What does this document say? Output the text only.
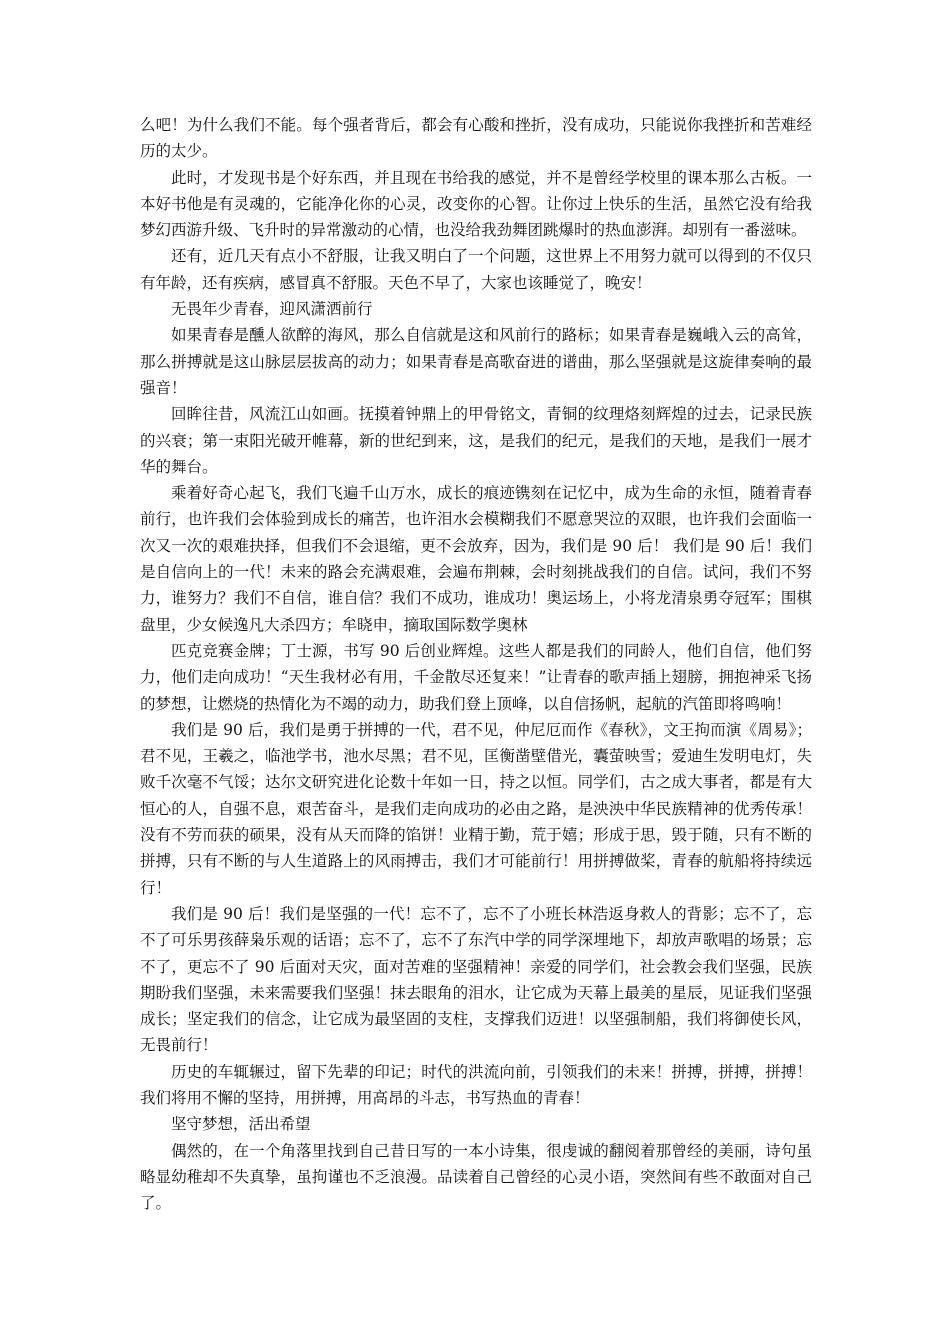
么吧！为什么我们不能。每个强者背后，都会有心酸和挫折，没有成功，只能说你我挫折和苦难经历的太少。

此时，才发现书是个好东西，并且现在书给我的感觉，并不是曾经学校里的课本那么古板。一本好书他是有灵魂的，它能净化你的心灵，改变你的心智。让你过上快乐的生活，虽然它没有给我梦幻西游升级、飞升时的异常激动的心情，也没给我劲舞团跳爆时的热血澎湃。却别有一番滋味。

还有，近几天有点小不舒服，让我又明白了一个问题，这世界上不用努力就可以得到的不仅只有年龄，还有疾病，感冒真不舒服。天色不早了，大家也该睡觉了，晚安！

无畏年少青春，迎风潇洒前行

如果青春是醺人欲醉的海风，那么自信就是这和风前行的路标；如果青春是巍峨入云的高耸，那么拼搏就是这山脉层层拔高的动力；如果青春是高歌奋进的谱曲，那么坚强就是这旋律奏响的最强音！

回眸往昔，风流江山如画。抚摸着钟鼎上的甲骨铭文，青铜的纹理烙刻辉煌的过去，记录民族的兴衰；第一束阳光破开帷幕，新的世纪到来，这，是我们的纪元，是我们的天地，是我们一展才华的舞台。

乘着好奇心起飞，我们飞遍千山万水，成长的痕迹镌刻在记忆中，成为生命的永恒，随着青春前行，也许我们会体验到成长的痛苦，也许泪水会模糊我们不愿意哭泣的双眼，也许我们会面临一次又一次的艰难抉择，但我们不会退缩，更不会放弃，因为，我们是 90 后！ 我们是 90 后！我们是自信向上的一代！未来的路会充满艰难，会遍布荆棘，会时刻挑战我们的自信。试问，我们不努力，谁努力？我们不自信，谁自信？我们不成功，谁成功！奥运场上，小将龙清泉勇夺冠军；围棋盘里，少女候逸凡大杀四方；牟晓申，摘取国际数学奥林

匹克竞赛金牌；丁士源，书写 90 后创业辉煌。这些人都是我们的同龄人，他们自信，他们努力，他们走向成功！“天生我材必有用，千金散尽还复来！”让青春的歌声插上翅膀，拥抱神采飞扬的梦想，让燃烧的热情化为不竭的动力，助我们登上顶峰，以自信扬帆，起航的汽笛即将鸣响！

我们是 90 后，我们是勇于拼搏的一代，君不见，仲尼厄而作《春秋》，文王拘而演《周易》；君不见，王羲之，临池学书，池水尽黑；君不见，匡衡凿壁借光，囊萤映雪；爱迪生发明电灯，失败千次毫不气馁；达尔文研究进化论数十年如一日，持之以恒。同学们，古之成大事者，都是有大恒心的人，自强不息，艰苦奋斗，是我们走向成功的必由之路，是泱泱中华民族精神的优秀传承！没有不劳而获的硕果，没有从天而降的馅饼！业精于勤，荒于嬉；形成于思，毁于随，只有不断的拼搏，只有不断的与人生道路上的风雨搏击，我们才可能前行！用拼搏做桨，青春的航船将持续远行！

我们是 90 后！我们是坚强的一代！忘不了，忘不了小班长林浩返身救人的背影；忘不了，忘不了可乐男孩薛枭乐观的话语；忘不了，忘不了东汽中学的同学深埋地下，却放声歌唱的场景；忘不了，更忘不了 90 后面对天灾，面对苦难的坚强精神！亲爱的同学们，社会教会我们坚强，民族期盼我们坚强，未来需要我们坚强！抹去眼角的泪水，让它成为天幕上最美的星辰，见证我们坚强成长；坚定我们的信念，让它成为最坚固的支柱，支撑我们迈进！以坚强制船，我们将御使长风，无畏前行！

历史的车辄辗过，留下先辈的印记；时代的洪流向前，引领我们的未来！拼搏，拼搏，拼搏！我们将用不懈的坚持，用拼搏，用高昂的斗志，书写热血的青春！

坚守梦想，活出希望

偶然的，在一个角落里找到自己昔日写的一本小诗集，很虔诚的翻阅着那曾经的美丽，诗句虽略显幼稚却不失真挚，虽拘谨也不乏浪漫。品读着自己曾经的心灵小语，突然间有些不敢面对自己了。
